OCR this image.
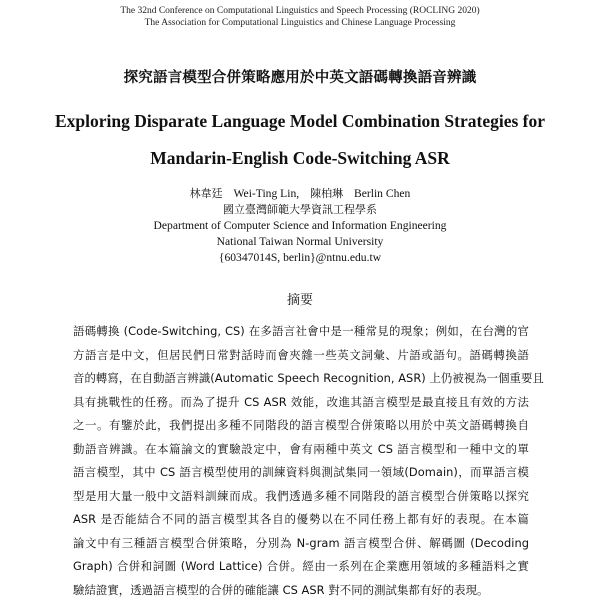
The 32nd Conference on Computational Linguistics and Speech Processing (ROCLING 2020)
The Association for Computational Linguistics and Chinese Language Processing
探究語言模型合併策略應用於中英文語碼轉換語音辨識
Exploring Disparate Language Model Combination Strategies for
Mandarin-English Code-Switching ASR
林韋廷 Wei-Ting Lin, 陳柏琳 Berlin Chen
國立臺灣師範大學資訊工程學系
Department of Computer Science and Information Engineering
National Taiwan Normal University
{60347014S, berlin}@ntnu.edu.tw
摘要
語碼轉換 (Code-Switching, CS) 在多語言社會中是一種常見的現象；例如，在台灣的官
方語言是中文，但居民們日常對話時而會夾雜一些英文詞彙、片語或語句。語碼轉換語
音的轉寫，在自動語言辨識(Automatic Speech Recognition, ASR) 上仍被視為一個重要且
具有挑戰性的任務。而為了提升 CS ASR 效能，改進其語言模型是最直接且有效的方法
之一。有鑒於此，我們提出多種不同階段的語言模型合併策略以用於中英文語碼轉換自
動語音辨識。在本篇論文的實驗設定中，會有兩種中英文 CS 語言模型和一種中文的單
語言模型，其中 CS 語言模型使用的訓練資料與測試集同一領域(Domain)，而單語言模
型是用大量一般中文語料訓練而成。我們透過多種不同階段的語言模型合併策略以探究
ASR 是否能結合不同的語言模型其各自的優勢以在不同任務上都有好的表現。在本篇
論文中有三種語言模型合併策略，分別為 N-gram 語言模型合併、解碼圖 (Decoding
Graph) 合併和詞圖 (Word Lattice) 合併。經由一系列在企業應用領域的多種語料之實
驗結證實，透過語言模型的合併的確能讓 CS ASR 對不同的測試集都有好的表現。
